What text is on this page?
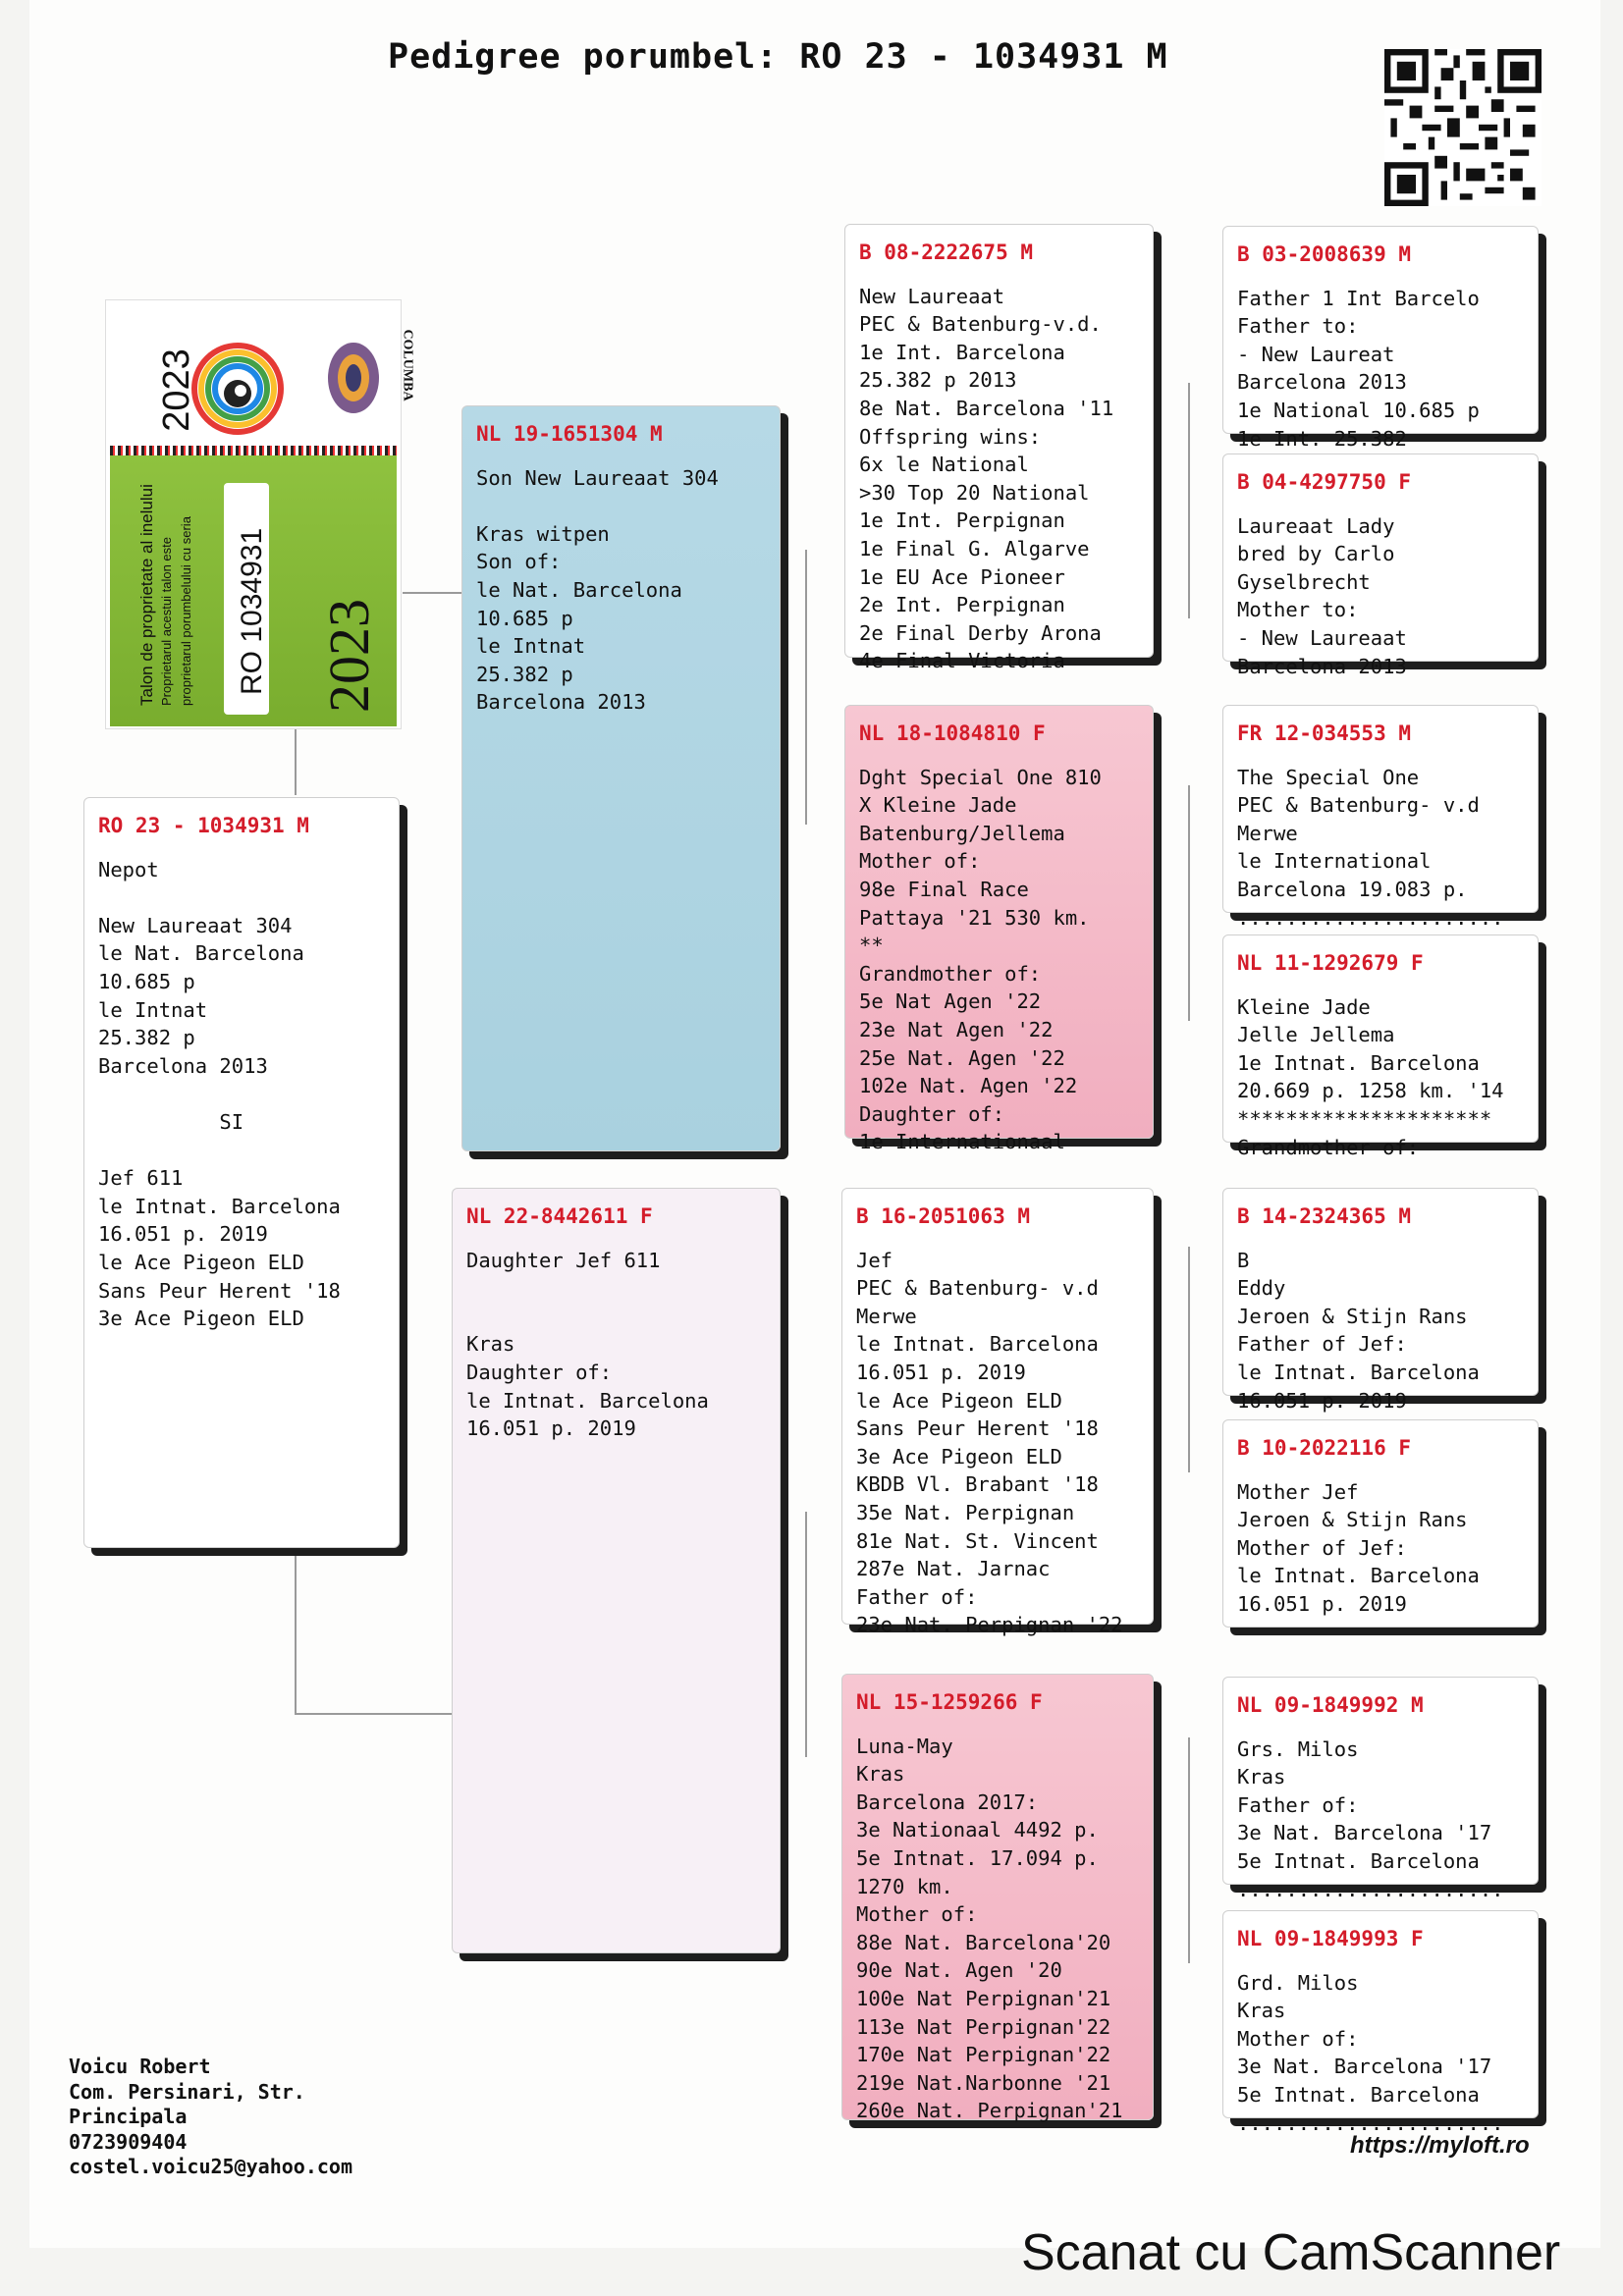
Pedigree porumbel: RO 23 - 1034931 M
2023	COLUMBA
Talon de proprietate al inelului Proprietarul acestui talon este proprietarul porumbelului cu seria RO 1034931 2023
RO 23 - 1034931 M
Nepot

New Laureaat 304
le Nat. Barcelona
10.685 p
le Intnat
25.382 p
Barcelona 2013

SI

Jef 611
le Intnat. Barcelona
16.051 p. 2019
le Ace Pigeon ELD
Sans Peur Herent '18
3e Ace Pigeon ELD
NL 19-1651304 M
Son New Laureaat 304

Kras witpen
Son of:
le Nat. Barcelona
10.685 p
le Intnat
25.382 p
Barcelona 2013
NL 22-8442611 F
Daughter Jef 611

Kras
Daughter of:
le Intnat. Barcelona
16.051 p. 2019
B 08-2222675 M
New Laureaat
PEC & Batenburg-v.d.
1e Int. Barcelona
25.382 p 2013
8e Nat. Barcelona '11
Offspring wins:
6x le National
>30 Top 20 National
1e Int. Perpignan
1e Final G. Algarve
1e EU Ace Pioneer
2e Int. Perpignan
2e Final Derby Arona
4e Final Victoria
NL 18-1084810 F
Dght Special One 810
X Kleine Jade
Batenburg/Jellema
Mother of:
98e Final Race
Pattaya '21 530 km.
**
Grandmother of:
5e Nat Agen '22
23e Nat Agen '22
25e Nat. Agen '22
102e Nat. Agen '22
Daughter of:
1e Internationaal
B 16-2051063 M
Jef
PEC & Batenburg- v.d
Merwe
le Intnat. Barcelona
16.051 p. 2019
le Ace Pigeon ELD
Sans Peur Herent '18
3e Ace Pigeon ELD
KBDB Vl. Brabant '18
35e Nat. Perpignan
81e Nat. St. Vincent
287e Nat. Jarnac
Father of:
23e Nat. Perpignan '22
NL 15-1259266 F
Luna-May
Kras
Barcelona 2017:
3e Nationaal 4492 p.
5e Intnat. 17.094 p.
1270 km.
Mother of:
88e Nat. Barcelona'20
90e Nat. Agen '20
100e Nat Perpignan'21
113e Nat Perpignan'22
170e Nat Perpignan'22
219e Nat.Narbonne '21
260e Nat. Perpignan'21
B 03-2008639 M
Father 1 Int Barcelo
Father to:
- New Laureat
Barcelona 2013
1e National 10.685 p
1e Int. 25.382
B 04-4297750 F
Laureaat Lady
bred by Carlo
Gyselbrecht
Mother to:
- New Laureaat
Barcelona 2013
FR 12-034553 M
The Special One
PEC & Batenburg- v.d
Merwe
le International
Barcelona 19.083 p.
......................
NL 11-1292679 F
Kleine Jade
Jelle Jellema
1e Intnat. Barcelona
20.669 p. 1258 km. '14
*********************
Grandmother of:
B 14-2324365 M
B
Eddy
Jeroen & Stijn Rans
Father of Jef:
le Intnat. Barcelona
16.051 p. 2019
B 10-2022116 F
Mother Jef
Jeroen & Stijn Rans
Mother of Jef:
le Intnat. Barcelona
16.051 p. 2019
NL 09-1849992 M
Grs. Milos
Kras
Father of:
3e Nat. Barcelona '17
5e Intnat. Barcelona
......................
NL 09-1849993 F
Grd. Milos
Kras
Mother of:
3e Nat. Barcelona '17
5e Intnat. Barcelona
......................
Voicu Robert
Com. Persinari, Str.
Principala
0723909404
costel.voicu25@yahoo.com
https://myloft.ro
Scanat cu CamScanner
